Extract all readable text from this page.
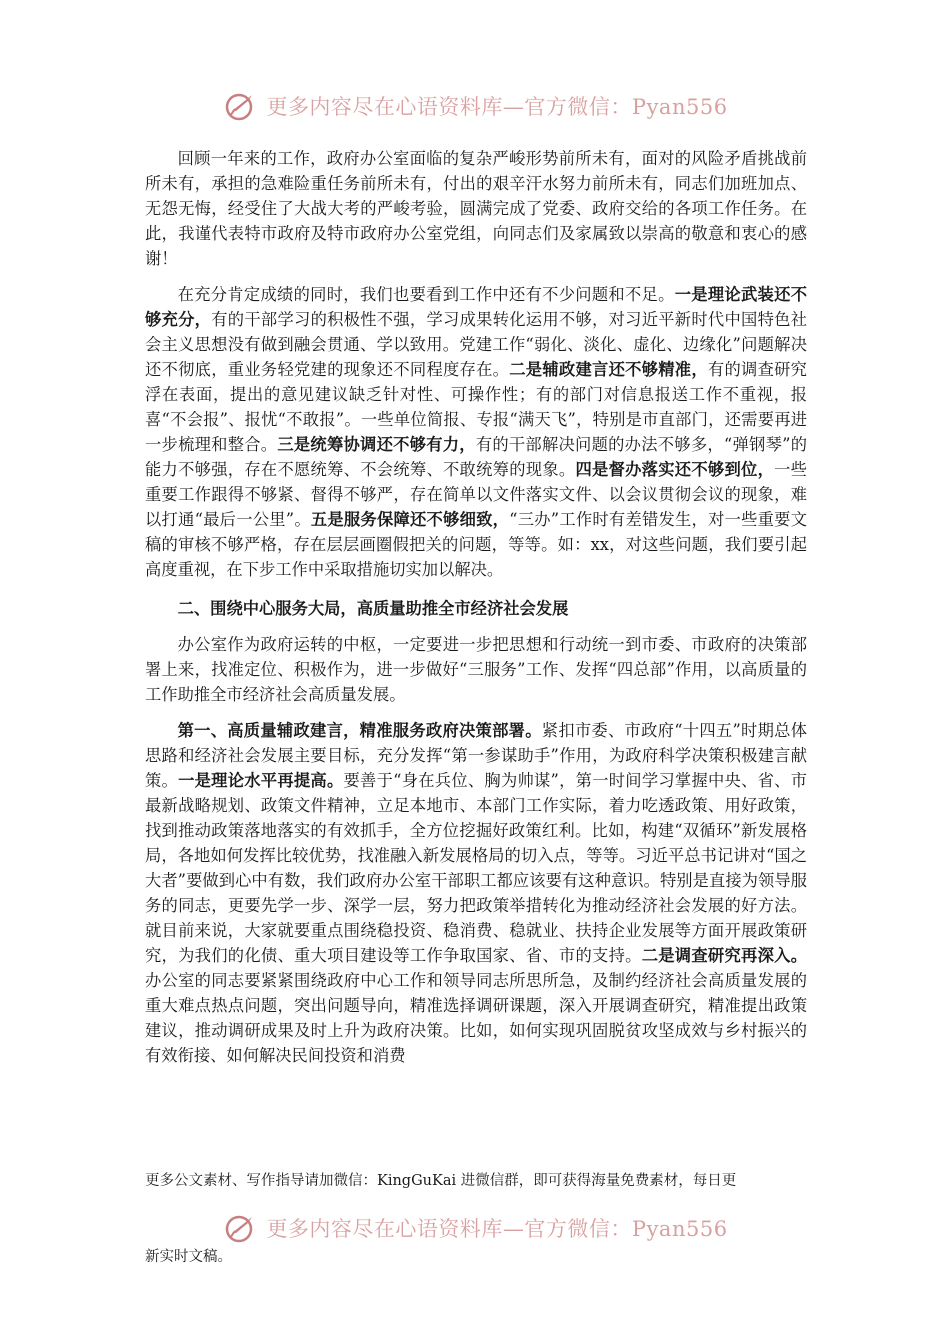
更多内容尽在心语资料库—官方微信：Pyan556

回顾一年来的工作，政府办公室面临的复杂严峻形势前所未有，面对的风险矛盾挑战前所未有，承担的急难险重任务前所未有，付出的艰辛汗水努力前所未有，同志们加班加点、无怨无悔，经受住了大战大考的严峻考验，圆满完成了党委、政府交给的各项工作任务。在此，我谨代表特市政府及特市政府办公室党组，向同志们及家属致以崇高的敬意和衷心的感谢！

在充分肯定成绩的同时，我们也要看到工作中还有不少问题和不足。一是理论武装还不够充分，有的干部学习的积极性不强，学习成果转化运用不够，对习近平新时代中国特色社会主义思想没有做到融会贯通、学以致用。党建工作“弱化、淡化、虚化、边缘化”问题解决还不彻底，重业务轻党建的现象还不同程度存在。二是辅政建言还不够精准，有的调查研究浮在表面，提出的意见建议缺乏针对性、可操作性；有的部门对信息报送工作不重视，报喜“不会报”、报忧“不敢报”。一些单位简报、专报“满天飞”，特别是市直部门，还需要再进一步梳理和整合。三是统筹协调还不够有力，有的干部解决问题的办法不够多，“弹钢琴”的能力不够强，存在不愿统筹、不会统筹、不敢统筹的现象。四是督办落实还不够到位，一些重要工作跟得不够紧、督得不够严，存在简单以文件落实文件、以会议贯彻会议的现象，难以打通“最后一公里”。五是服务保障还不够细致，“三办”工作时有差错发生，对一些重要文稿的审核不够严格，存在层层画圈假把关的问题，等等。如：xx，对这些问题，我们要引起高度重视，在下步工作中采取措施切实加以解决。

二、围绕中心服务大局，高质量助推全市经济社会发展

办公室作为政府运转的中枢，一定要进一步把思想和行动统一到市委、市政府的决策部署上来，找准定位、积极作为，进一步做好“三服务”工作、发挥“四总部”作用，以高质量的工作助推全市经济社会高质量发展。

第一、高质量辅政建言，精准服务政府决策部署。紧扣市委、市政府“十四五”时期总体思路和经济社会发展主要目标，充分发挥“第一参谋助手”作用，为政府科学决策积极建言献策。一是理论水平再提高。要善于“身在兵位、胸为帅谋”，第一时间学习掌握中央、省、市最新战略规划、政策文件精神，立足本地市、本部门工作实际，着力吃透政策、用好政策，找到推动政策落地落实的有效抓手，全方位挖掘好政策红利。比如，构建“双循环”新发展格局，各地如何发挥比较优势，找准融入新发展格局的切入点，等等。习近平总书记讲对“国之大者”要做到心中有数，我们政府办公室干部职工都应该要有这种意识。特别是直接为领导服务的同志，更要先学一步、深学一层，努力把政策举措转化为推动经济社会发展的好方法。就目前来说，大家就要重点围绕稳投资、稳消费、稳就业、扶持企业发展等方面开展政策研究，为我们的化债、重大项目建设等工作争取国家、省、市的支持。二是调查研究再深入。办公室的同志要紧紧围绕政府中心工作和领导同志所思所急，及制约经济社会高质量发展的重大难点热点问题，突出问题导向，精准选择调研课题，深入开展调查研究，精准提出政策建议，推动调研成果及时上升为政府决策。比如，如何实现巩固脱贫攻坚成效与乡村振兴的有效衔接、如何解决民间投资和消费

更多公文素材、写作指导请加微信：KingGuKai 进微信群，即可获得海量免费素材，每日更
更多内容尽在心语资料库—官方微信：Pyan556
新实时文稿。
